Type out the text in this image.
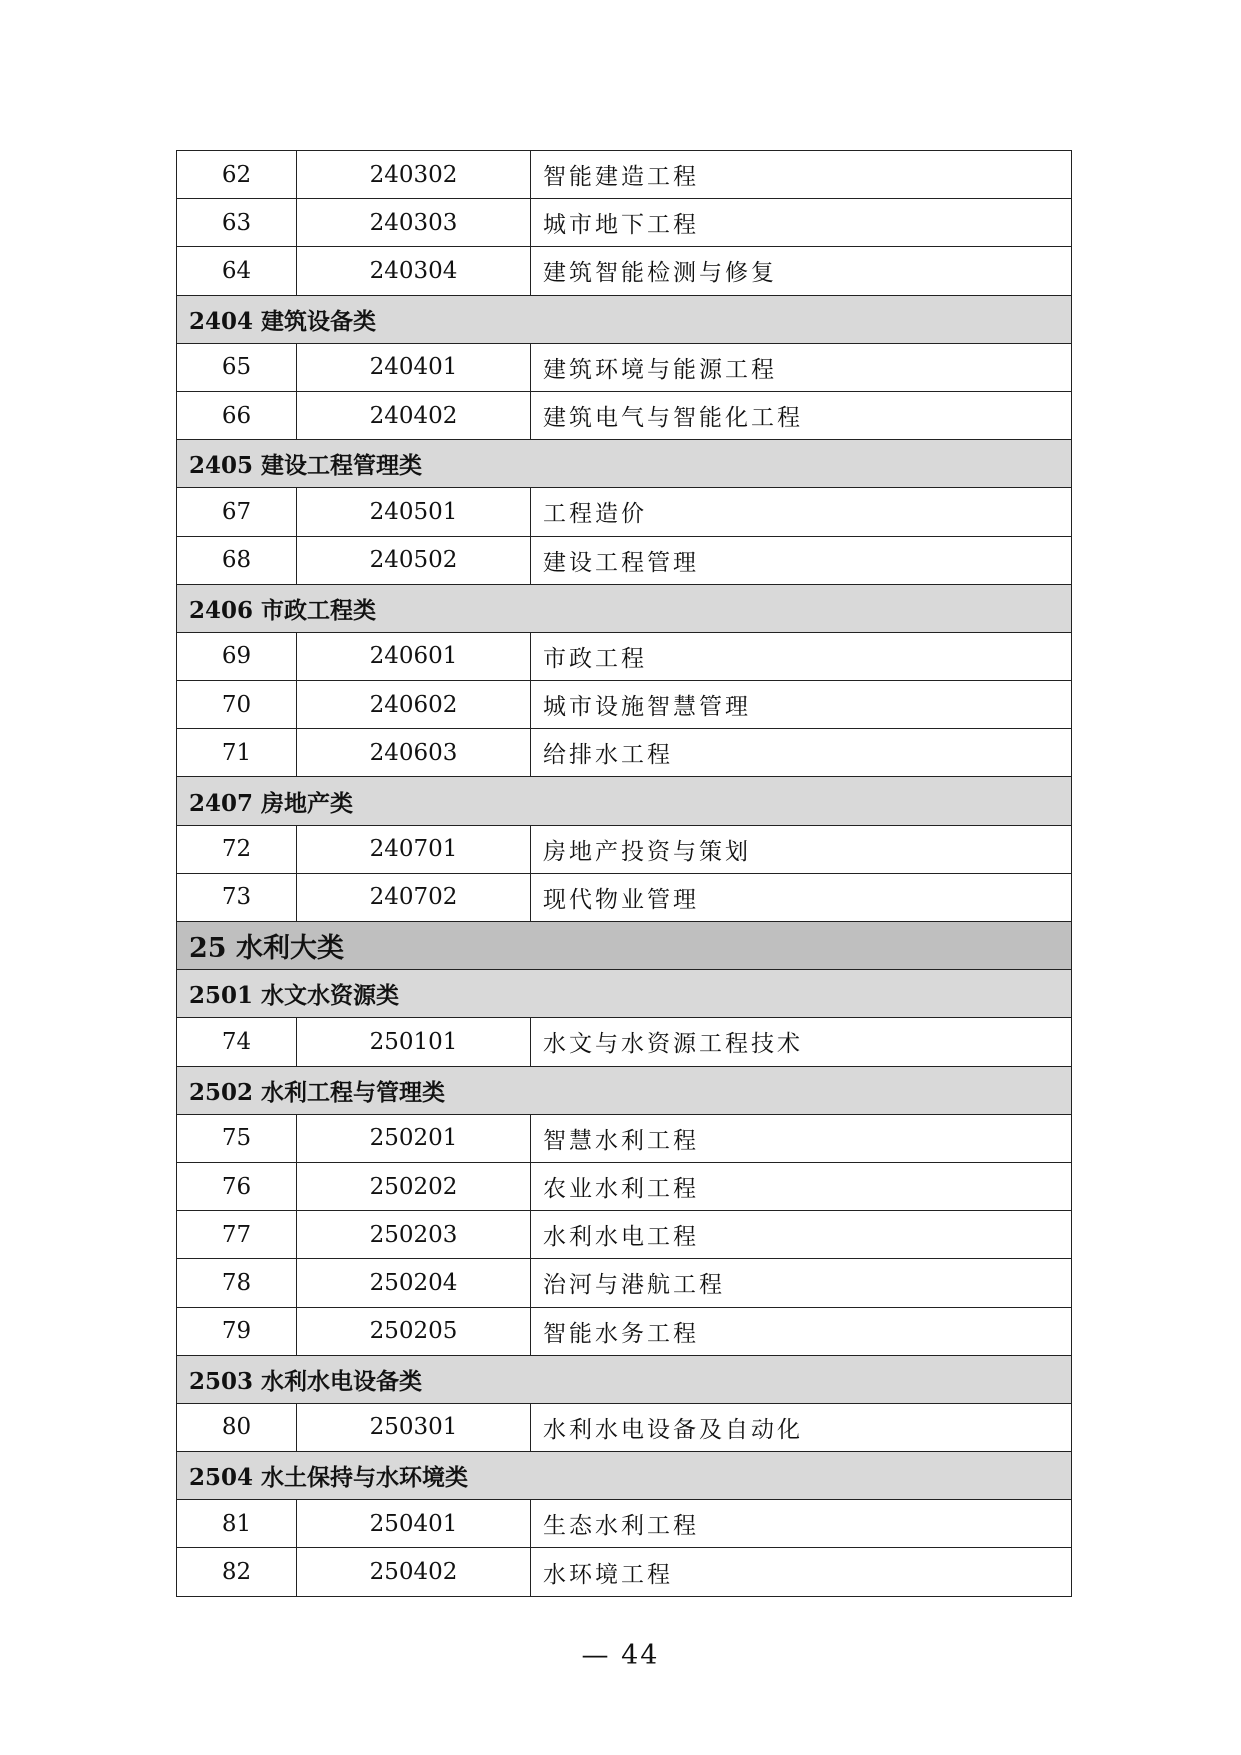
62	240302	智能建造工程
63	240303	城市地下工程
64	240304	建筑智能检测与修复
2404 建筑设备类
65	240401	建筑环境与能源工程
66	240402	建筑电气与智能化工程
2405 建设工程管理类
67	240501	工程造价
68	240502	建设工程管理
2406 市政工程类
69	240601	市政工程
70	240602	城市设施智慧管理
71	240603	给排水工程
2407 房地产类
72	240701	房地产投资与策划
73	240702	现代物业管理
25 水利大类
2501 水文水资源类
74	250101	水文与水资源工程技术
2502 水利工程与管理类
75	250201	智慧水利工程
76	250202	农业水利工程
77	250203	水利水电工程
78	250204	治河与港航工程
79	250205	智能水务工程
2503 水利水电设备类
80	250301	水利水电设备及自动化
2504 水土保持与水环境类
81	250401	生态水利工程
82	250402	水环境工程
— 44
